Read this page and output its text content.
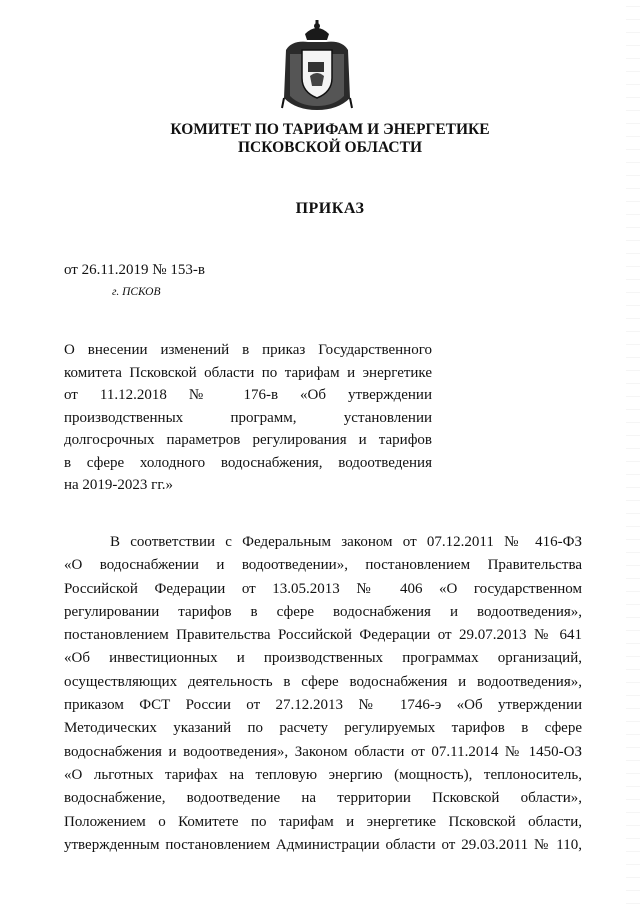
КОМИТЕТ ПО ТАРИФАМ И ЭНЕРГЕТИКЕ
ПСКОВСКОЙ ОБЛАСТИ
ПРИКАЗ
от 26.11.2019 № 153-в
г. ПСКОВ
О внесении изменений в приказ Государственного
комитета Псковской области по тарифам и энергетике
от 11.12.2018 № 176-в «Об утверждении
производственных программ, установлении
долгосрочных параметров регулирования и тарифов
в сфере холодного водоснабжения, водоотведения
на 2019-2023 гг.»
В соответствии с Федеральным законом от 07.12.2011 № 416-ФЗ
«О водоснабжении и водоотведении», постановлением Правительства
Российской Федерации от 13.05.2013 № 406 «О государственном
регулировании тарифов в сфере водоснабжения и водоотведения»,
постановлением Правительства Российской Федерации от 29.07.2013 № 641
«Об инвестиционных и производственных программах организаций,
осуществляющих деятельность в сфере водоснабжения и водоотведения»,
приказом ФСТ России от 27.12.2013 № 1746-э «Об утверждении
Методических указаний по расчету регулируемых тарифов в сфере
водоснабжения и водоотведения», Законом области от 07.11.2014 № 1450-ОЗ
«О льготных тарифах на тепловую энергию (мощность), теплоноситель,
водоснабжение, водоотведение на территории Псковской области»,
Положением о Комитете по тарифам и энергетике Псковской области,
утвержденным постановлением Администрации области от 29.03.2011 № 110,
